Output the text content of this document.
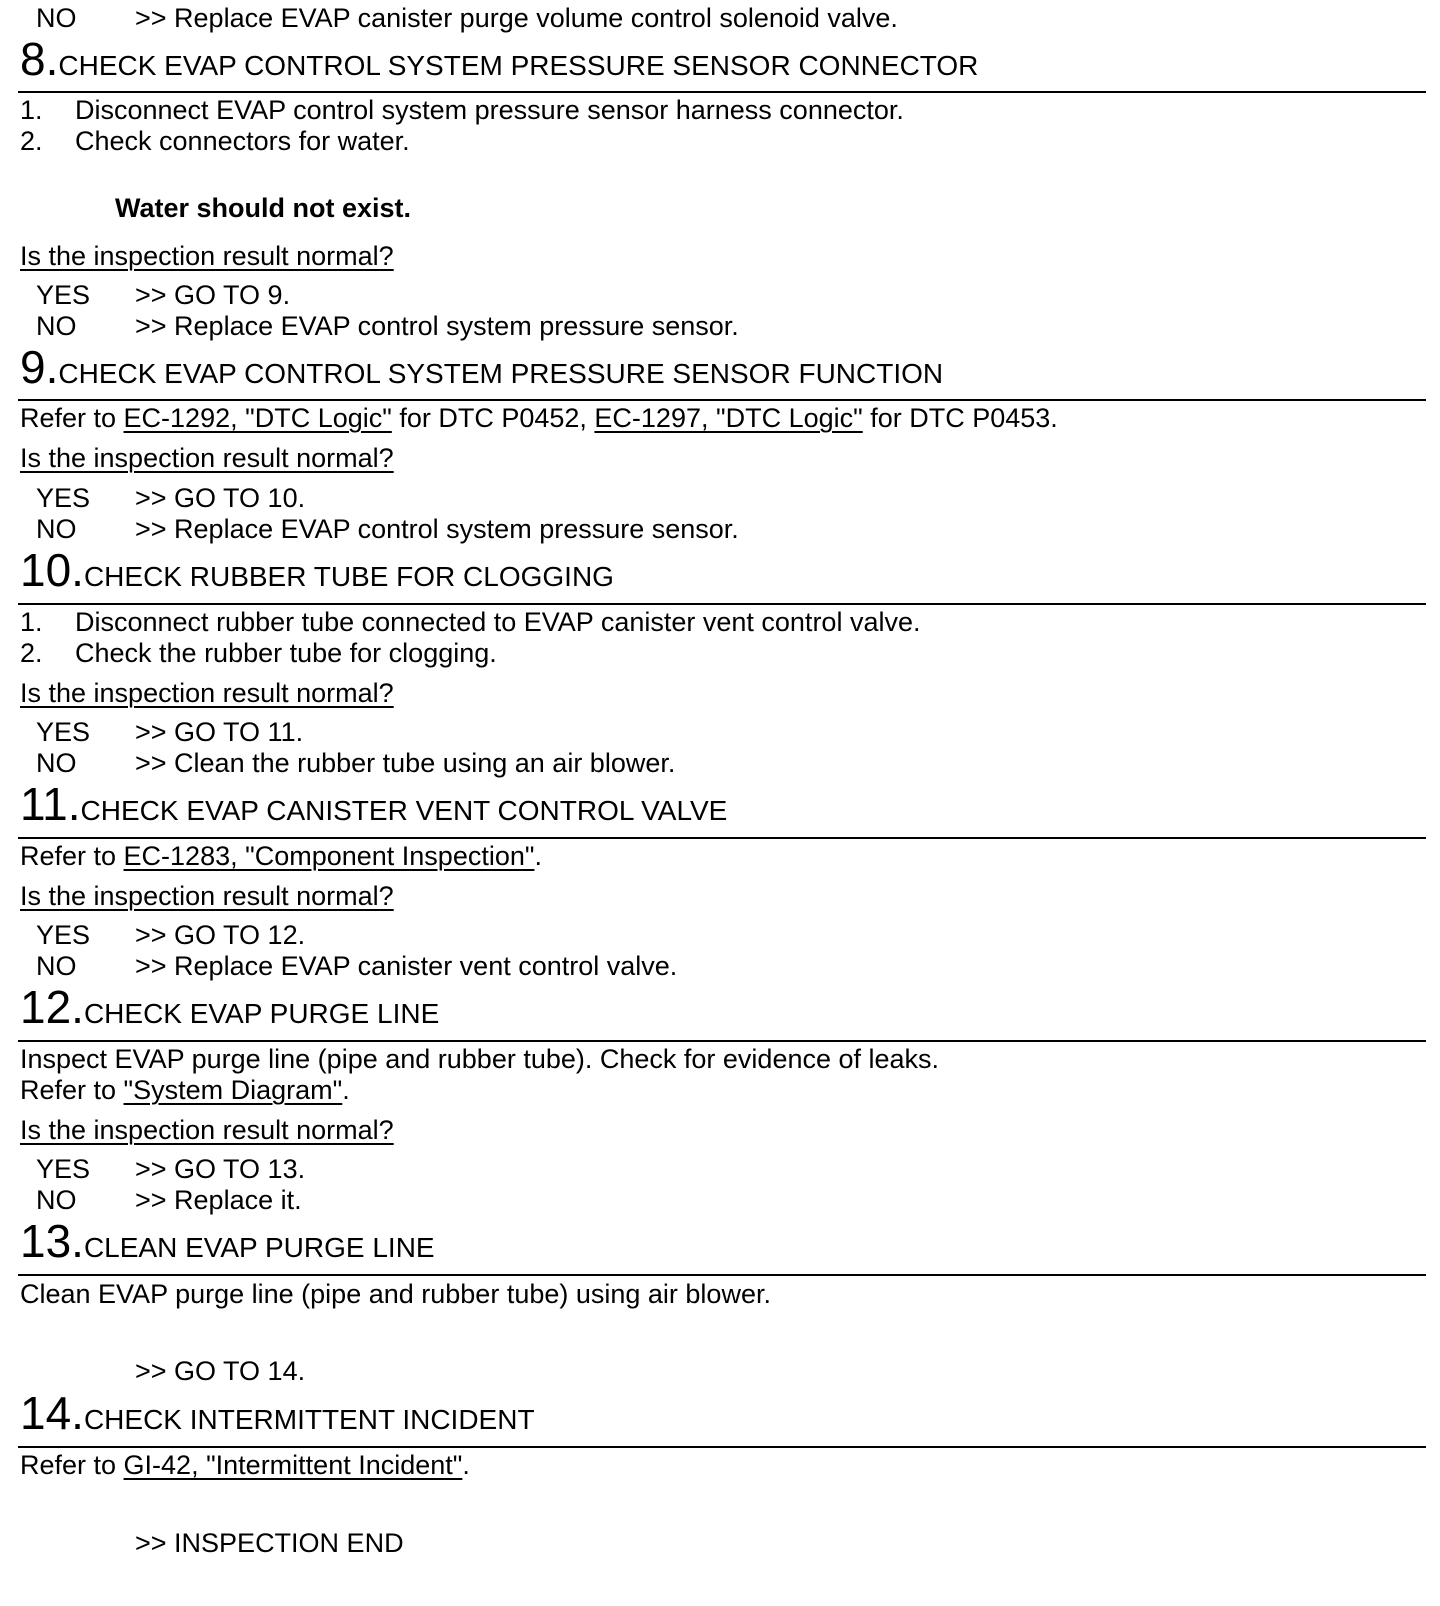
NO >> Replace EVAP canister purge volume control solenoid valve.
8. CHECK EVAP CONTROL SYSTEM PRESSURE SENSOR CONNECTOR
1. Disconnect EVAP control system pressure sensor harness connector.
2. Check connectors for water.
Water should not exist.
Is the inspection result normal?
YES >> GO TO 9.
NO >> Replace EVAP control system pressure sensor.
9. CHECK EVAP CONTROL SYSTEM PRESSURE SENSOR FUNCTION
Refer to EC-1292, "DTC Logic" for DTC P0452, EC-1297, "DTC Logic" for DTC P0453.
Is the inspection result normal?
YES >> GO TO 10.
NO >> Replace EVAP control system pressure sensor.
10. CHECK RUBBER TUBE FOR CLOGGING
1. Disconnect rubber tube connected to EVAP canister vent control valve.
2. Check the rubber tube for clogging.
Is the inspection result normal?
YES >> GO TO 11.
NO >> Clean the rubber tube using an air blower.
11. CHECK EVAP CANISTER VENT CONTROL VALVE
Refer to EC-1283, "Component Inspection".
Is the inspection result normal?
YES >> GO TO 12.
NO >> Replace EVAP canister vent control valve.
12. CHECK EVAP PURGE LINE
Inspect EVAP purge line (pipe and rubber tube). Check for evidence of leaks.
Refer to "System Diagram".
Is the inspection result normal?
YES >> GO TO 13.
NO >> Replace it.
13. CLEAN EVAP PURGE LINE
Clean EVAP purge line (pipe and rubber tube) using air blower.
>> GO TO 14.
14. CHECK INTERMITTENT INCIDENT
Refer to GI-42, "Intermittent Incident".
>> INSPECTION END
